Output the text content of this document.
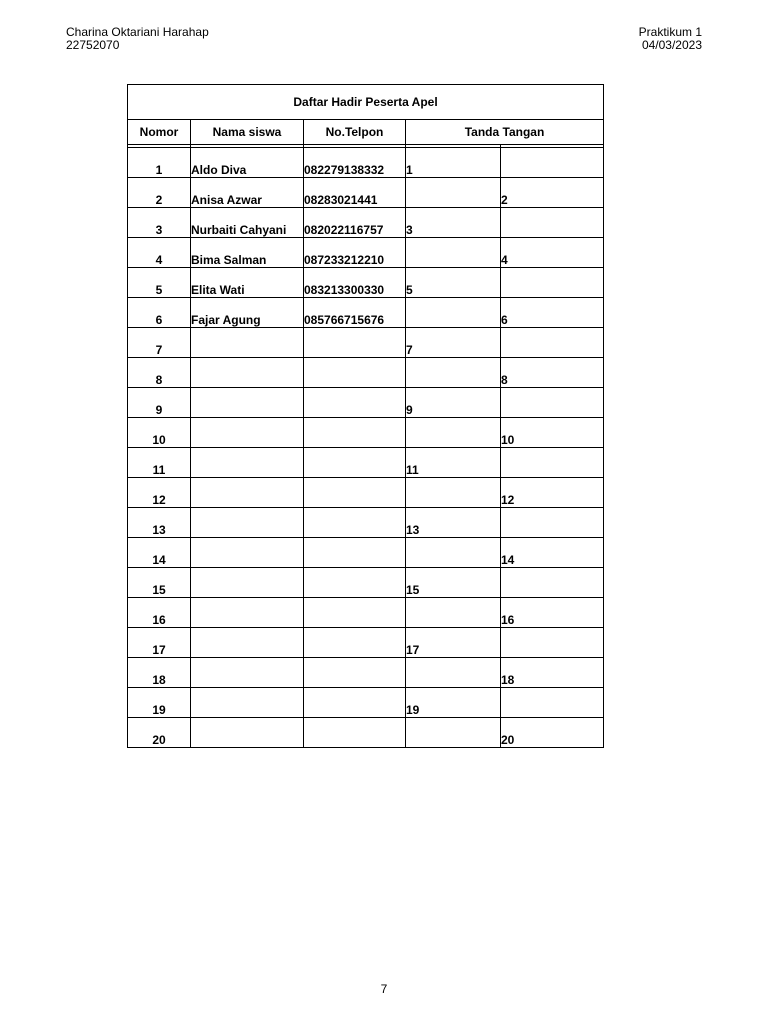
Charina Oktariani Harahap
22752070
Praktikum 1
04/03/2023
Daftar Hadir Peserta Apel				
Nomor	Nama siswa	No.Telpon	Tanda Tangan	

1	Aldo Diva	082279138332	1	
2	Anisa Azwar	08283021441		2
3	Nurbaiti Cahyani	082022116757	3	
4	Bima Salman	087233212210		4
5	Elita Wati	083213300330	5	
6	Fajar Agung	085766715676		6
7			7	
8				8
9			9	
10				10
11			11	
12				12
13			13	
14				14
15			15	
16				16
17			17	
18				18
19			19	
20				20
7
